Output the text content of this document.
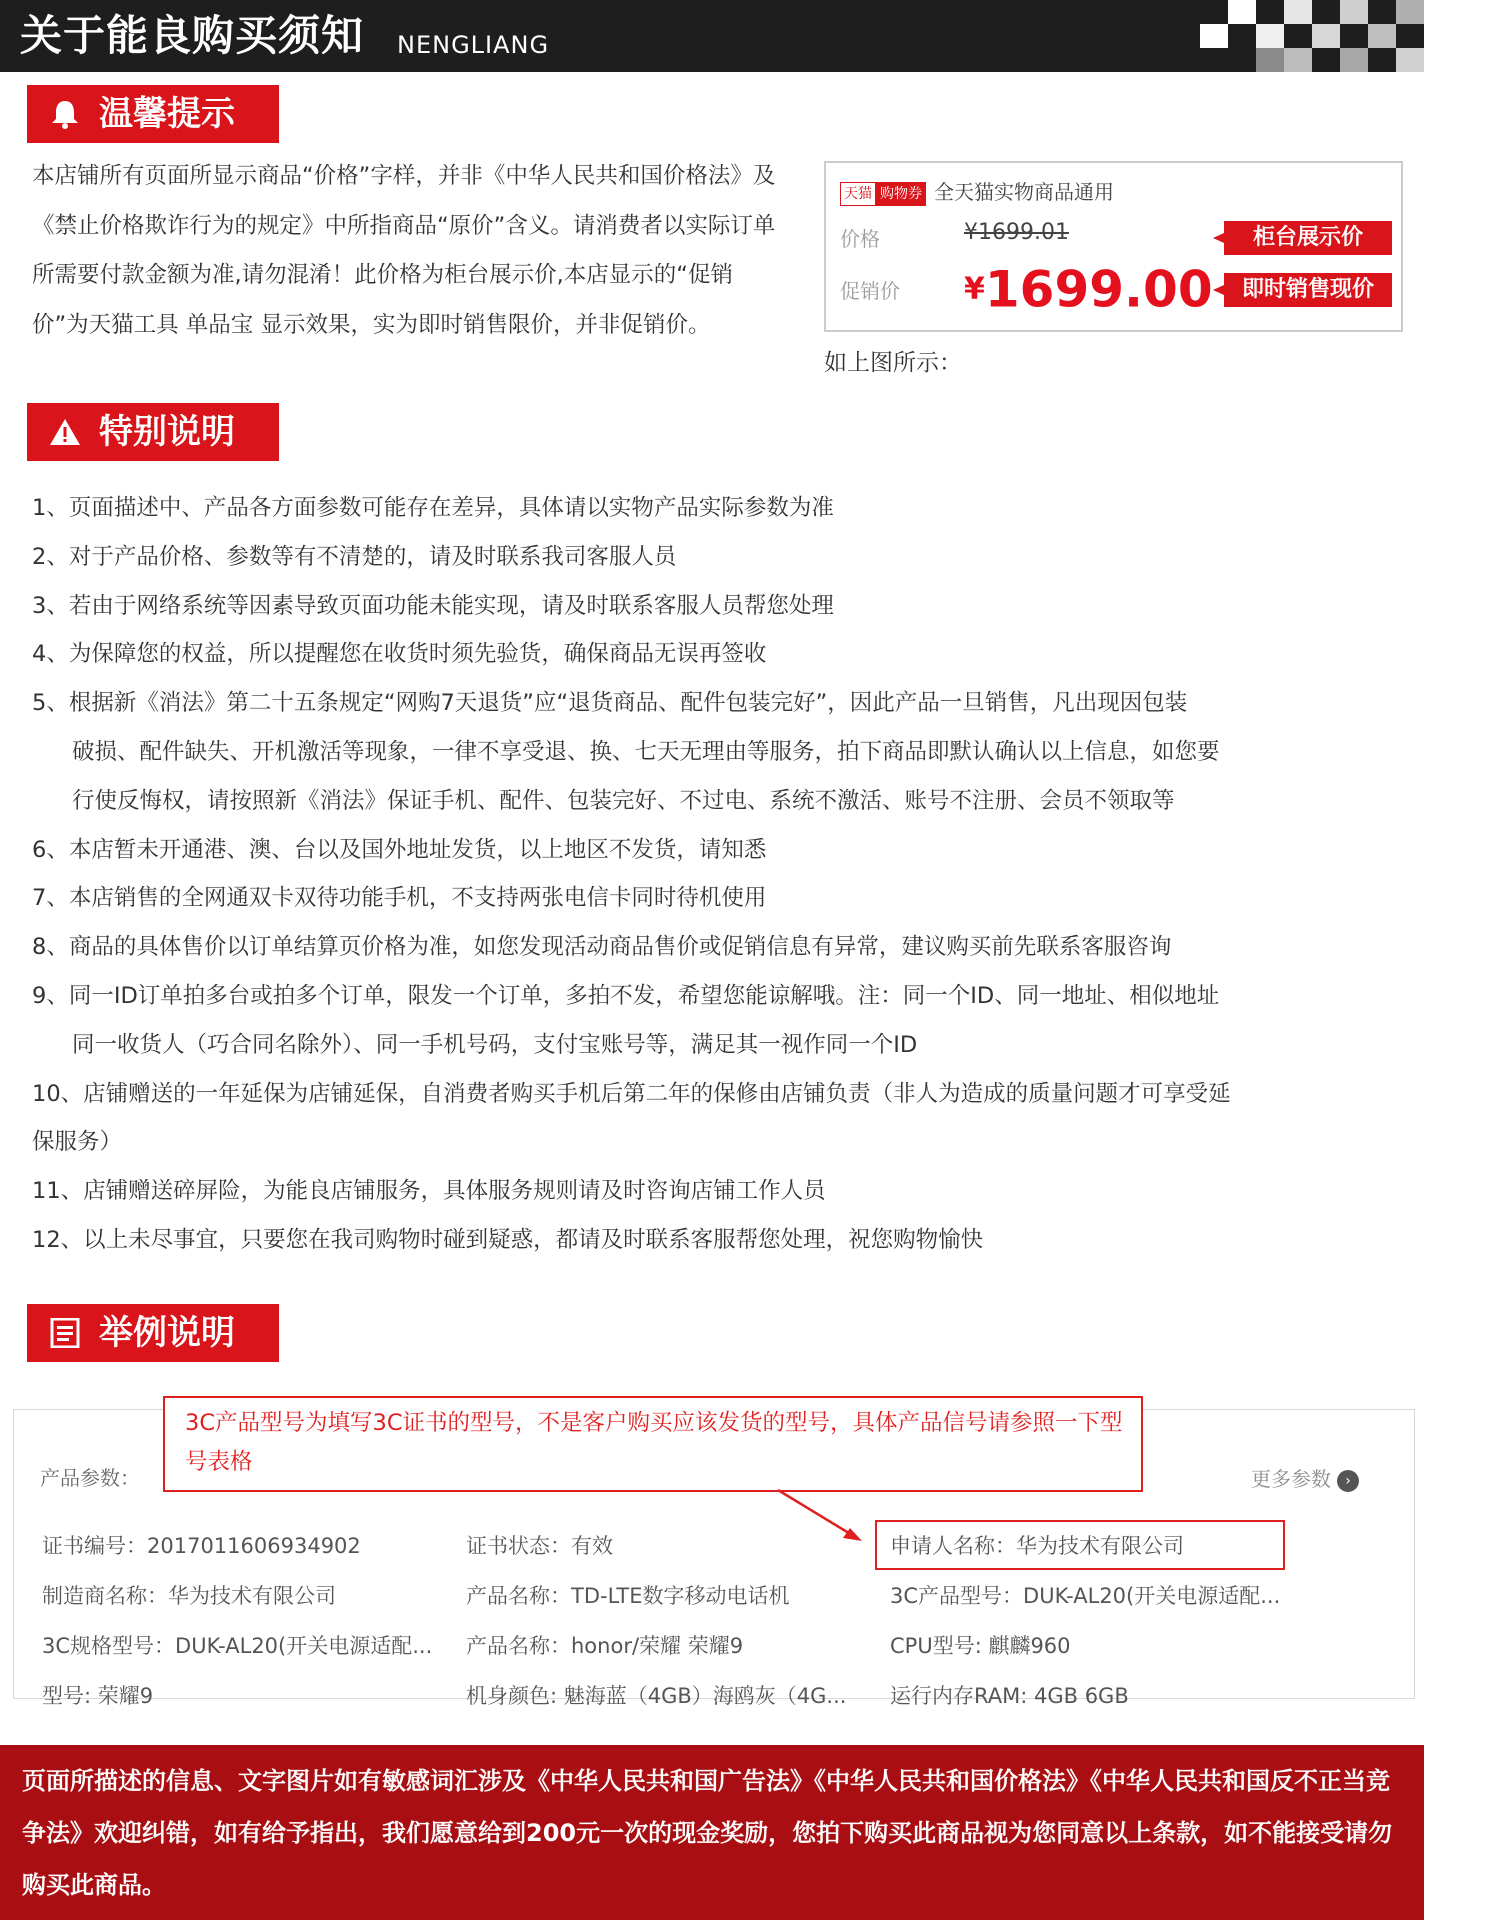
关于能良购买须知 NENGLIANG
温馨提示
本店铺所有页面所显示商品“价格”字样，并非《中华人民共和国价格法》及《禁止价格欺诈行为的规定》中所指商品“原价”含义。请消费者以实际订单所需要付款金额为准,请勿混淆！此价格为柜台展示价,本店显示的“促销价”为天猫工具 单品宝 显示效果，实为即时销售限价，并非促销价。
天猫 购物券 全天猫实物商品通用
价格	¥1699.01	柜台展示价
促销价 ¥1699.00	即时销售现价
如上图所示：
特别说明
1、页面描述中、产品各方面参数可能存在差异，具体请以实物产品实际参数为准
2、对于产品价格、参数等有不清楚的，请及时联系我司客服人员
3、若由于网络系统等因素导致页面功能未能实现，请及时联系客服人员帮您处理
4、为保障您的权益，所以提醒您在收货时须先验货，确保商品无误再签收
5、根据新《消法》第二十五条规定“网购7天退货”应“退货商品、配件包装完好”，因此产品一旦销售，凡出现因包装
破损、配件缺失、开机激活等现象，一律不享受退、换、七天无理由等服务，拍下商品即默认确认以上信息，如您要
行使反悔权，请按照新《消法》保证手机、配件、包装完好、不过电、系统不激活、账号不注册、会员不领取等
6、本店暂未开通港、澳、台以及国外地址发货，以上地区不发货，请知悉
7、本店销售的全网通双卡双待功能手机，不支持两张电信卡同时待机使用
8、商品的具体售价以订单结算页价格为准，如您发现活动商品售价或促销信息有异常，建议购买前先联系客服咨询
9、同一ID订单拍多台或拍多个订单，限发一个订单，多拍不发，希望您能谅解哦。注：同一个ID、同一地址、相似地址
同一收货人（巧合同名除外）、同一手机号码，支付宝账号等，满足其一视作同一个ID
10、店铺赠送的一年延保为店铺延保，自消费者购买手机后第二年的保修由店铺负责（非人为造成的质量问题才可享受延
保服务）
11、店铺赠送碎屏险，为能良店铺服务，具体服务规则请及时咨询店铺工作人员
12、以上未尽事宜，只要您在我司购物时碰到疑惑，都请及时联系客服帮您处理，祝您购物愉快
举例说明
产品参数：	更多参数 ›
证书编号：2017011606934902	证书状态：有效	申请人名称：华为技术有限公司
制造商名称：华为技术有限公司	产品名称：TD-LTE数字移动电话机	3C产品型号：DUK-AL20(开关电源适配...
3C规格型号：DUK-AL20(开关电源适配... 产品名称：honor/荣耀 荣耀9	CPU型号: 麒麟960
型号: 荣耀9	机身颜色: 魅海蓝（4GB）海鸥灰（4G... 运行内存RAM: 4GB 6GB
3C产品型号为填写3C证书的型号，不是客户购买应该发货的型号，具体产品信号请参照一下型号表格
页面所描述的信息、文字图片如有敏感词汇涉及《中华人民共和国广告法》《中华人民共和国价格法》《中华人民共和国反不正当竞争法》欢迎纠错，如有给予指出，我们愿意给到200元一次的现金奖励，您拍下购买此商品视为您同意以上条款，如不能接受请勿购买此商品。
